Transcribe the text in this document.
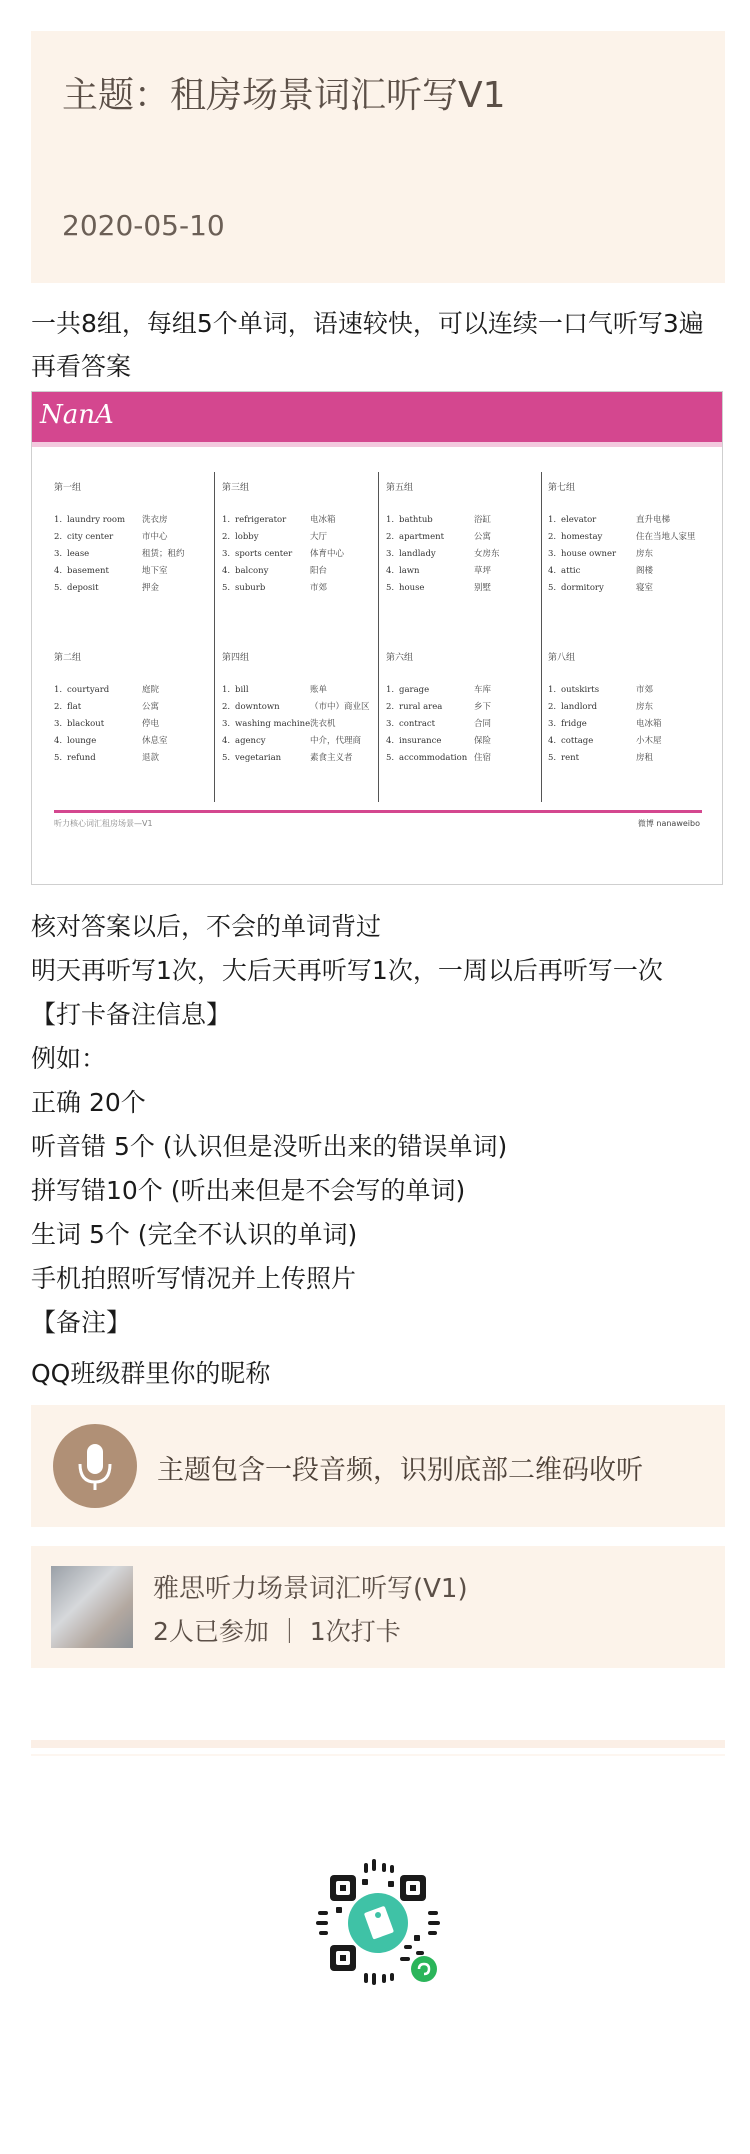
主题：租房场景词汇听写V1
2020-05-10
一共8组，每组5个单词，语速较快，可以连续一口气听写3遍再看答案
NanA
第一组
1. laundry room	洗衣房
2. city center	市中心
3. lease	租赁；租约
4. basement	地下室
5. deposit	押金
第三组
1. refrigerator	电冰箱
2. lobby	大厅
3. sports center	体育中心
4. balcony	阳台
5. suburb	市郊
第五组
1. bathtub	浴缸
2. apartment	公寓
3. landlady	女房东
4. lawn	草坪
5. house	别墅
第七组
1. elevator	直升电梯
2. homestay	住在当地人家里
3. house owner	房东
4. attic	阁楼
5. dormitory	寝室
第二组
1. courtyard	庭院
2. flat	公寓
3. blackout	停电
4. lounge	休息室
5. refund	退款
第四组
1. bill	账单
2. downtown	（市中）商业区
3. washing machine 洗衣机
4. agency	中介，代理商
5. vegetarian	素食主义者
第六组
1. garage	车库
2. rural area	乡下
3. contract	合同
4. insurance	保险
5. accommodation 住宿
第八组
1. outskirts	市郊
2. landlord	房东
3. fridge	电冰箱
4. cottage	小木屋
5. rent	房租
听力核心词汇租房场景—V1	微博 nanaweibo
核对答案以后，不会的单词背过
明天再听写1次，大后天再听写1次，一周以后再听写一次
【打卡备注信息】
例如：
正确 20个
听音错 5个 (认识但是没听出来的错误单词)
拼写错10个 (听出来但是不会写的单词)
生词 5个 (完全不认识的单词)
手机拍照听写情况并上传照片
【备注】
QQ班级群里你的昵称
主题包含一段音频，识别底部二维码收听
雅思听力场景词汇听写(V1)
2人已参加 ｜ 1次打卡
